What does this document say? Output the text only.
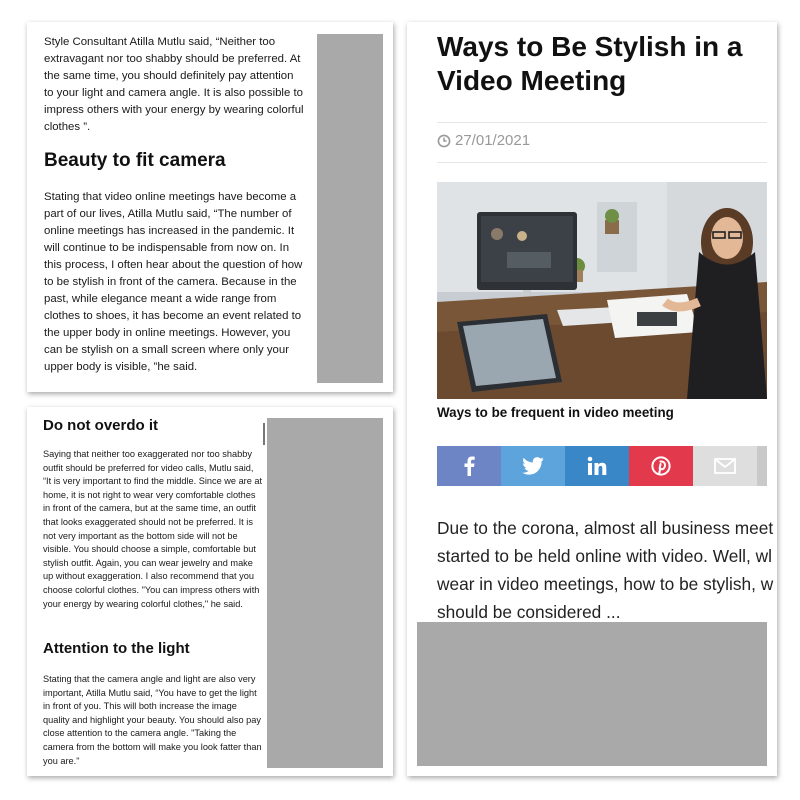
Style Consultant Atilla Mutlu said, “Neither too extravagant nor too shabby should be preferred. At the same time, you should definitely pay attention to your light and camera angle. It is also possible to impress others with your energy by wearing colorful clothes ”.

Beauty to fit camera

Stating that video online meetings have become a part of our lives, Atilla Mutlu said, “The number of online meetings has increased in the pandemic. It will continue to be indispensable from now on. In this process, I often hear about the question of how to be stylish in front of the camera. Because in the past, while elegance meant a wide range from clothes to shoes, it has become an event related to the upper body in online meetings. However, you can be stylish on a small screen where only your upper body is visible, ”he said.

Do not overdo it

Saying that neither too exaggerated nor too shabby outfit should be preferred for video calls, Mutlu said, “It is very important to find the middle. Since we are at home, it is not right to wear very comfortable clothes in front of the camera, but at the same time, an outfit that looks exaggerated should not be preferred. It is not very important as the bottom side will not be visible. You should choose a simple, comfortable but stylish outfit. Again, you can wear jewelry and make up without exaggeration. I also recommend that you choose colorful clothes. "You can impress others with your energy by wearing colorful clothes," he said.

Attention to the light

Stating that the camera angle and light are also very important, Atilla Mutlu said, “You have to get the light in front of you. This will both increase the image quality and highlight your beauty. You should also pay close attention to the camera angle. "Taking the camera from the bottom will make you look fatter than you are."

Ways to Be Stylish in a Video Meeting
27/01/2021
Ways to be frequent in video meeting
Due to the corona, almost all business meet
started to be held online with video. Well, wl
wear in video meetings, how to be stylish, w
should be considered ...
